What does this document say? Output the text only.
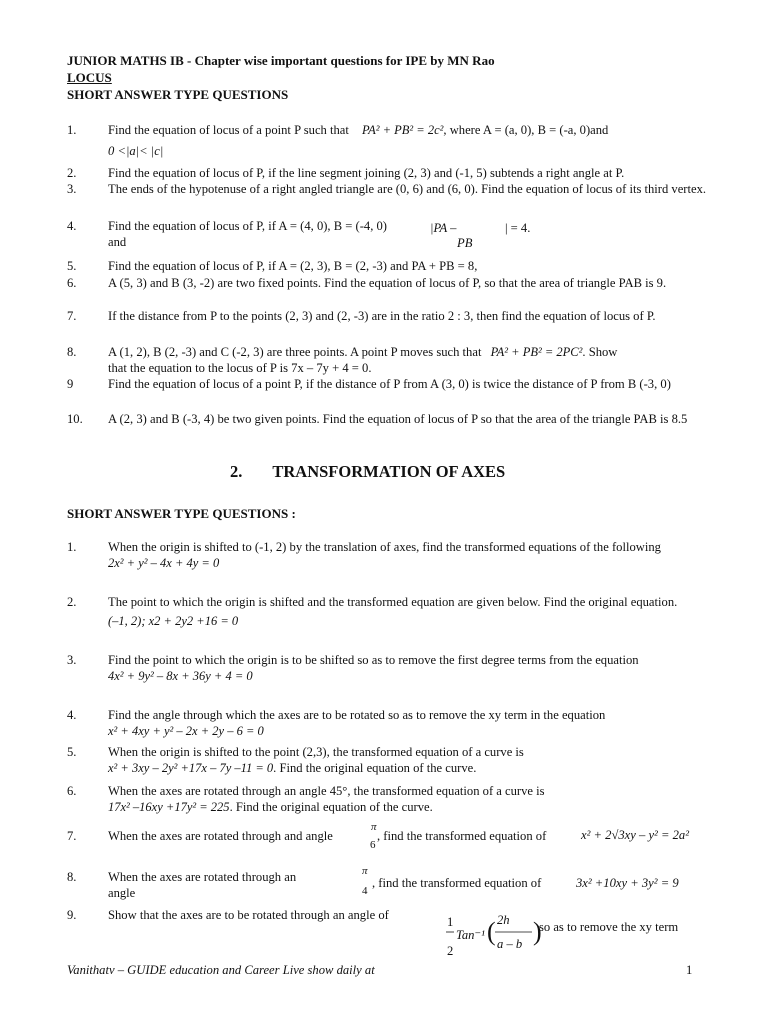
JUNIOR MATHS IB - Chapter wise important questions for IPE by MN Rao
LOCUS
SHORT ANSWER TYPE QUESTIONS
1.	Find the equation of locus of a point P such that PA² + PB² = 2c², where A = (a, 0), B = (-a, 0)and
0 <|a|< |c|
2.	Find the equation of locus of P, if the line segment joining (2, 3) and (-1, 5) subtends a right angle at P.
3.	The ends of the hypotenuse of a right angled triangle are (0, 6) and (6, 0). Find the equation of locus of its third vertex.
4.	Find the equation of locus of P, if A = (4, 0), B = (-4, 0)
and
|PA –
PB
| = 4.
5.	Find the equation of locus of P, if A = (2, 3), B = (2, -3) and PA + PB = 8,
6.	A (5, 3) and B (3, -2) are two fixed points. Find the equation of locus of P, so that the area of triangle PAB is 9.
7.	If the distance from P to the points (2, 3) and (2, -3) are in the ratio 2 : 3, then find the equation of locus of P.
8.	A (1, 2), B (2, -3) and C (-2, 3) are three points. A point P moves such that PA² + PB² = 2PC². Show
that the equation to the locus of P is 7x – 7y + 4 = 0.
9	Find the equation of locus of a point P, if the distance of P from A (3, 0) is twice the distance of P from B (-3, 0)
10. A (2, 3) and B (-3, 4) be two given points. Find the equation of locus of P so that the area of the triangle PAB is 8.5
2. TRANSFORMATION OF AXES
SHORT ANSWER TYPE QUESTIONS :
1.	When the origin is shifted to (-1, 2) by the translation of axes, find the transformed equations of the following
2x² + y² – 4x + 4y = 0
2.	The point to which the origin is shifted and the transformed equation are given below. Find the original equation.
(–1, 2); x2 + 2y2 +16 = 0
3.	Find the point to which the origin is to be shifted so as to remove the first degree terms from the equation
4x² + 9y² – 8x + 36y + 4 = 0
4.	Find the angle through which the axes are to be rotated so as to remove the xy term in the equation
x² + 4xy + y² – 2x + 2y – 6 = 0
5.	When the origin is shifted to the point (2,3), the transformed equation of a curve is
x² + 3xy – 2y² +17x – 7y –11 = 0. Find the original equation of the curve.
6.	When the axes are rotated through an angle 45°, the transformed equation of a curve is
17x² –16xy +17y² = 225. Find the original equation of the curve.
7.	When the axes are rotated through and angle
π
6
, find the transformed equation of	x² + 2√3xy – y² = 2a²
8.	When the axes are rotated through an
angle
π
4
, find the transformed equation of	3x² +10xy + 3y² = 9
9.	Show that the axes are to be rotated through an angle of	1
2
Tan⁻¹ ( 2h
a – b )
so as to remove the xy term
Vanithatv – GUIDE education and Career Live show daily at	1
